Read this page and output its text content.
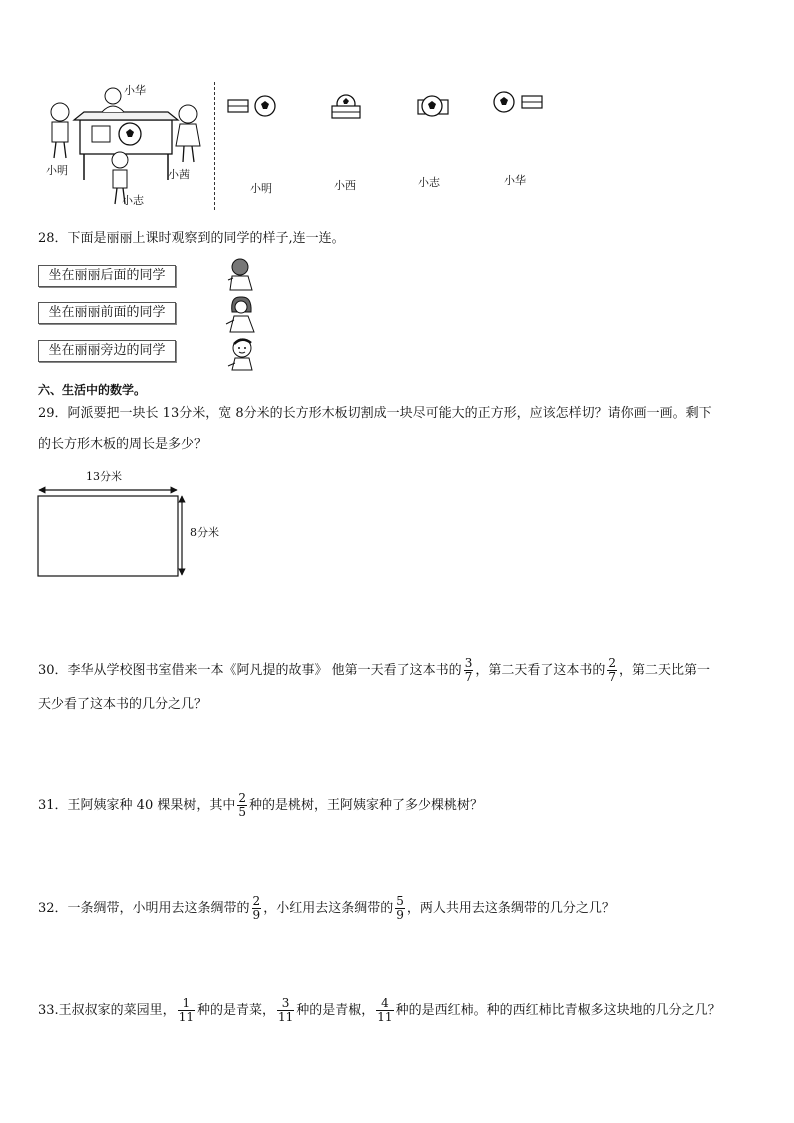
小华
小明	小茜
小志
小明	小西	小志	小华
28．下面是丽丽上课时观察到的同学的样子,连一连。
坐在丽丽后面的同学
坐在丽丽前面的同学
坐在丽丽旁边的同学
六、生活中的数学。
29．阿派要把一块长 13分米，宽 8分米的长方形木板切割成一块尽可能大的正方形，应该怎样切？请你画一画。剩下
的长方形木板的周长是多少？
13分米
8分米
30．李华从学校图书室借来一本《阿凡提的故事》 他第一天看了这本书的 $\frac{3}{7}$ ，第二天看了这本书的 $\frac{2}{7}$ ，第二天比第一
天少看了这本书的几分之几？
31．王阿姨家种 40 棵果树，其中 $\frac{2}{5}$ 种的是桃树，王阿姨家种了多少棵桃树？
32．一条绸带，小明用去这条绸带的 $\frac{2}{9}$ ，小红用去这条绸带的 $\frac{5}{9}$ ，两人共用去这条绸带的几分之几？
33.王叔叔家的菜园里， $\frac{1}{11}$ 种的是青菜， $\frac{3}{11}$ 种的是青椒， $\frac{4}{11}$ 种的是西红柿。种的西红柿比青椒多这块地的几分之几？
